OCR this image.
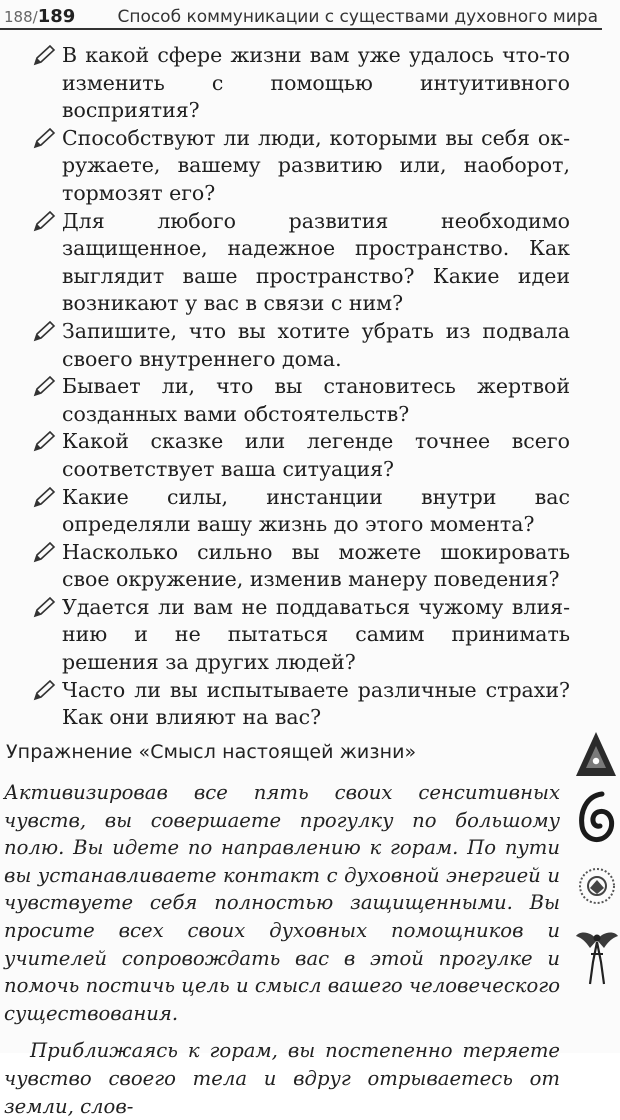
188/189 Способ коммуникации с существами духовного мира
В какой сфере жизни вам уже удалось что-то изменить с помощью интуитивного восприятия?
Способствуют ли люди, которыми вы себя окружаете, вашему развитию или, наоборот, тормозят его?
Для любого развития необходимо защищенное, надежное пространство. Как выглядит ваше пространство? Какие идеи возникают у вас в связи с ним?
Запишите, что вы хотите убрать из подвала своего внутреннего дома.
Бывает ли, что вы становитесь жертвой созданных вами обстоятельств?
Какой сказке или легенде точнее всего соответствует ваша ситуация?
Какие силы, инстанции внутри вас определяли вашу жизнь до этого момента?
Насколько сильно вы можете шокировать свое окружение, изменив манеру поведения?
Удается ли вам не поддаваться чужому влиянию и не пытаться самим принимать решения за других людей?
Часто ли вы испытываете различные страхи? Как они влияют на вас?
Упражнение «Смысл настоящей жизни»

Активизировав все пять своих сенситивных чувств, вы совершаете прогулку по большому полю. Вы идете по направлению к горам. По пути вы устанавливаете контакт с духовной энергией и чувствуете себя полностью защищенными. Вы просите всех своих духовных помощников и учителей сопровождать вас в этой прогулке и помочь постичь цель и смысл вашего человеческого существования.

Приближаясь к горам, вы постепенно теряете чувство своего тела и вдруг отрываетесь от земли, слов-
